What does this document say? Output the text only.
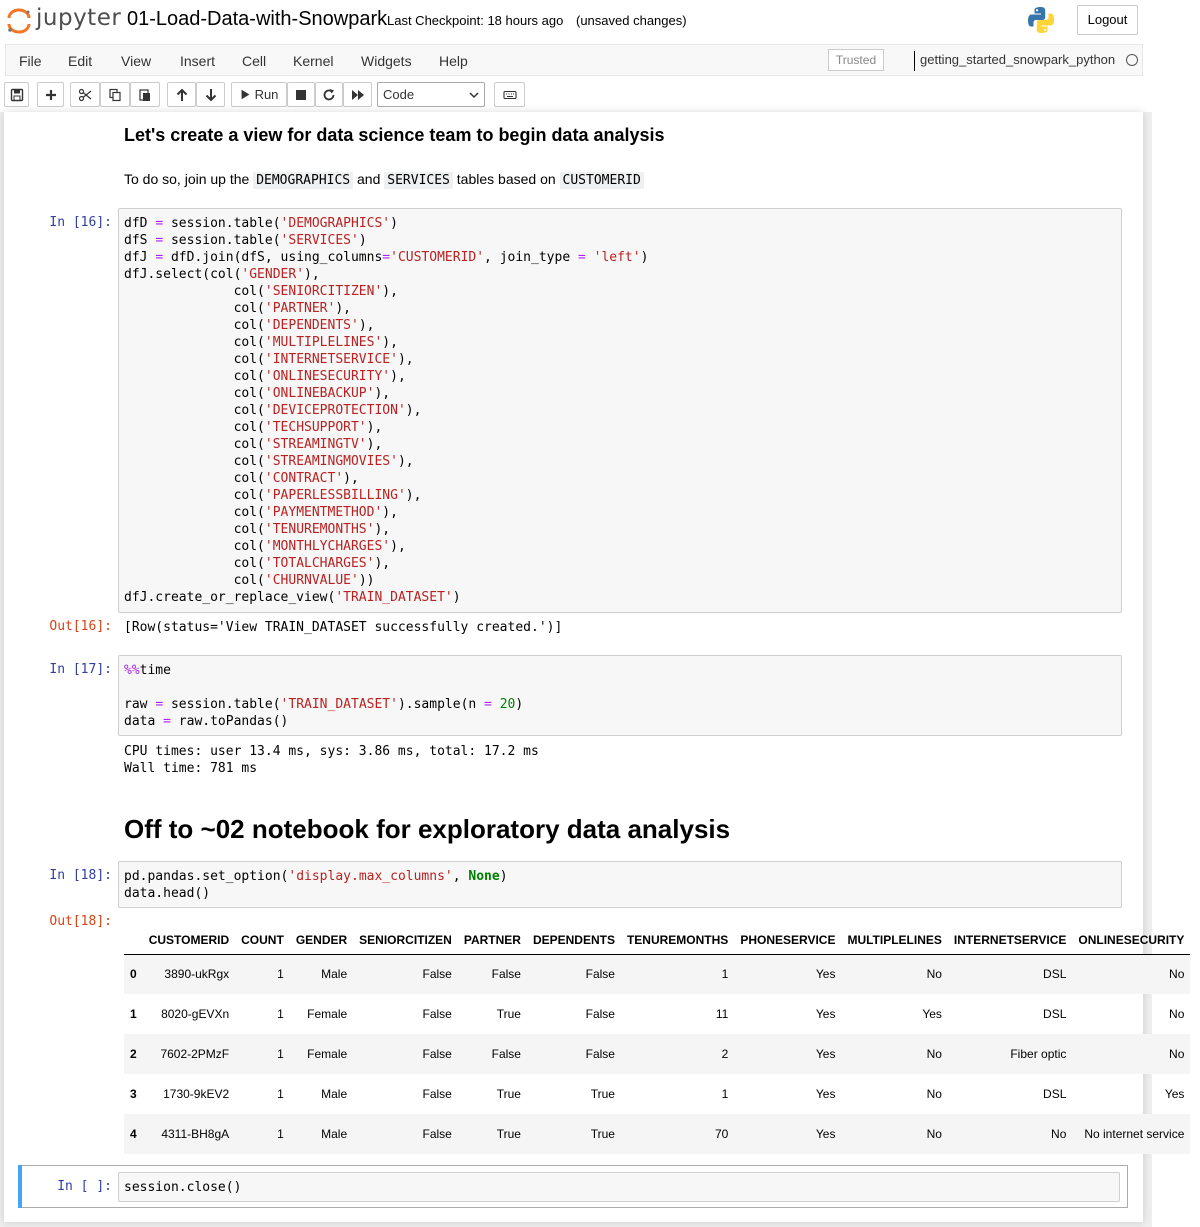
jupyter 01-Load-Data-with-Snowpark Last Checkpoint: 18 hours ago (unsaved changes)	Logout
File Edit View Insert Cell Kernel Widgets Help	Trusted	getting_started_snowpark_python
Run	Code
Let's create a view for data science team to begin data analysis
To do so, join up the DEMOGRAPHICS and SERVICES tables based on CUSTOMERID
In [16]: dfD = session.table('DEMOGRAPHICS')
dfS = session.table('SERVICES')
dfJ = dfD.join(dfS, using_columns='CUSTOMERID', join_type = 'left')
dfJ.select(col('GENDER'),
col('SENIORCITIZEN'),
col('PARTNER'),
col('DEPENDENTS'),
col('MULTIPLELINES'),
col('INTERNETSERVICE'),
col('ONLINESECURITY'),
col('ONLINEBACKUP'),
col('DEVICEPROTECTION'),
col('TECHSUPPORT'),
col('STREAMINGTV'),
col('STREAMINGMOVIES'),
col('CONTRACT'),
col('PAPERLESSBILLING'),
col('PAYMENTMETHOD'),
col('TENUREMONTHS'),
col('MONTHLYCHARGES'),
col('TOTALCHARGES'),
col('CHURNVALUE'))
dfJ.create_or_replace_view('TRAIN_DATASET')
Out[16]: [Row(status='View TRAIN_DATASET successfully created.')]
In [17]: %%time

raw = session.table('TRAIN_DATASET').sample(n = 20)
data = raw.toPandas()
CPU times: user 13.4 ms, sys: 3.86 ms, total: 17.2 ms
Wall time: 781 ms
Off to ~02 notebook for exploratory data analysis
In [18]: pd.pandas.set_option('display.max_columns', None)
data.head()
Out[18]:
	CUSTOMERID	COUNT	GENDER	SENIORCITIZEN	PARTNER	DEPENDENTS	TENUREMONTHS	PHONESERVICE	MULTIPLELINES	INTERNETSERVICE	ONLINESECURITY
0	3890-ukRgx	1	Male	False	False	False	1	Yes	No	DSL	No
1	8020-gEVXn	1	Female	False	True	False	11	Yes	Yes	DSL	No
2	7602-2PMzF	1	Female	False	False	False	2	Yes	No	Fiber optic	No
3	1730-9kEV2	1	Male	False	True	True	1	Yes	No	DSL	Yes
4	4311-BH8gA	1	Male	False	True	True	70	Yes	No	No	No internet service
In [ ]: session.close()
